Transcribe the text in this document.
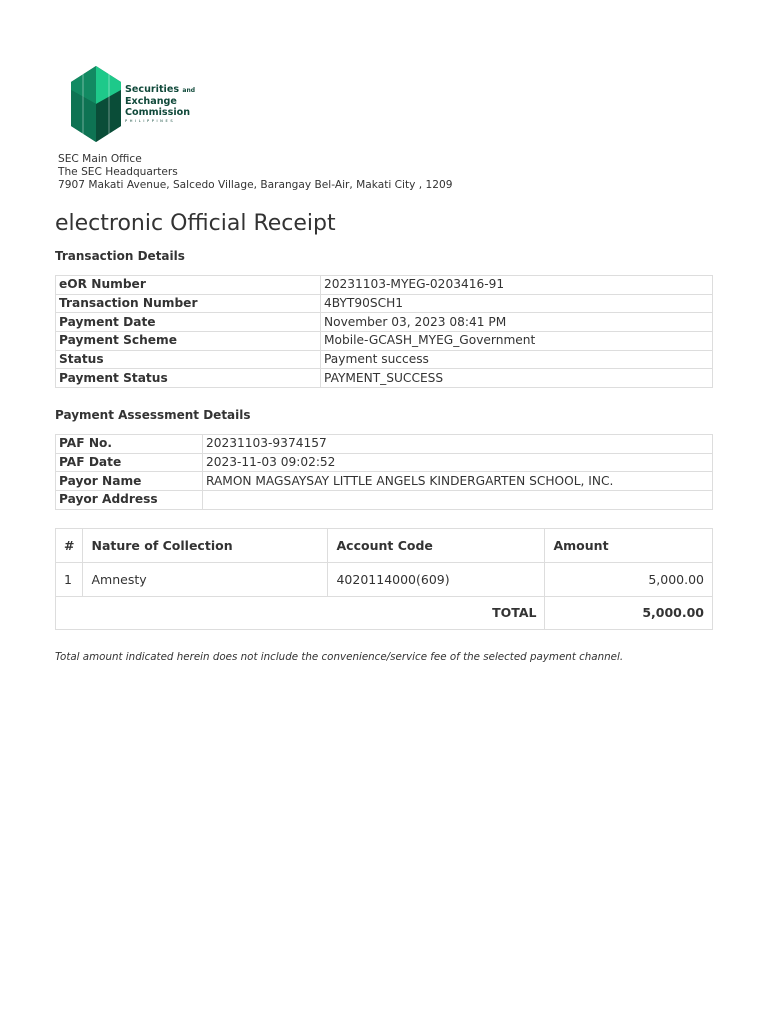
Securities and
Exchange
Commission
PHILIPPINES
SEC Main Office
The SEC Headquarters
7907 Makati Avenue, Salcedo Village, Barangay Bel-Air, Makati City , 1209
electronic Official Receipt
Transaction Details
eOR Number	20231103-MYEG-0203416-91
Transaction Number	4BYT90SCH1
Payment Date	November 03, 2023 08:41 PM
Payment Scheme	Mobile-GCASH_MYEG_Government
Status	Payment success
Payment Status	PAYMENT_SUCCESS
Payment Assessment Details
PAF No.	20231103-9374157
PAF Date	2023-11-03 09:02:52
Payor Name	RAMON MAGSAYSAY LITTLE ANGELS KINDERGARTEN SCHOOL, INC.
Payor Address	
#	Nature of Collection	Account Code	Amount
1	Amnesty	4020114000(609)	5,000.00
TOTAL			5,000.00
Total amount indicated herein does not include the convenience/service fee of the selected payment channel.
